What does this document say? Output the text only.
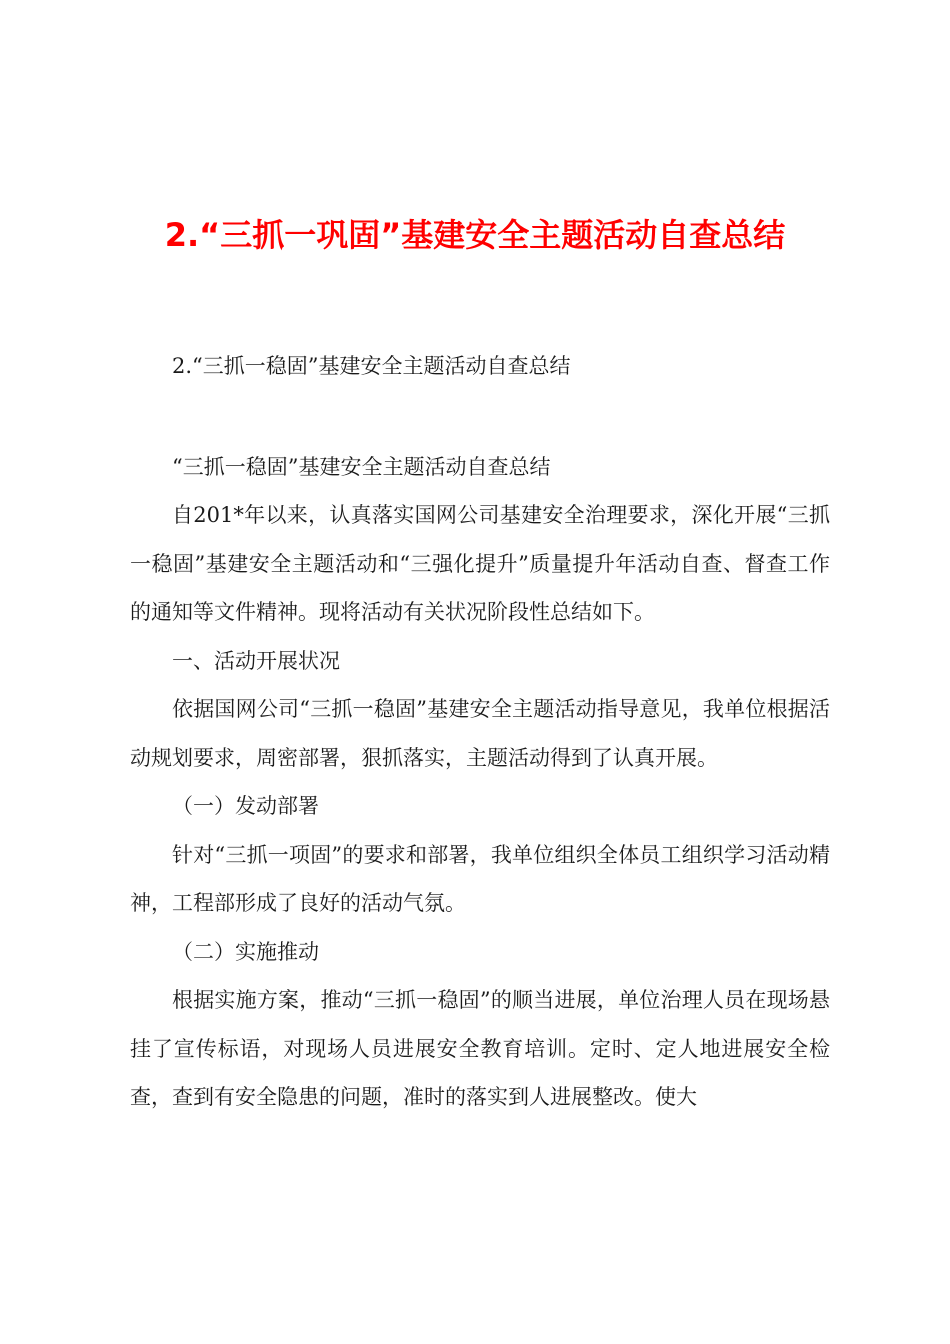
2.“三抓一巩固”基建安全主题活动自查总结

2.“三抓一稳固”基建安全主题活动自查总结

“三抓一稳固”基建安全主题活动自查总结

自201*年以来，认真落实国网公司基建安全治理要求，深化开展“三抓一稳固”基建安全主题活动和“三强化提升”质量提升年活动自查、督查工作的通知等文件精神。现将活动有关状况阶段性总结如下。

一、活动开展状况

依据国网公司“三抓一稳固”基建安全主题活动指导意见，我单位根据活动规划要求，周密部署，狠抓落实，主题活动得到了认真开展。

（一）发动部署

针对“三抓一项固”的要求和部署，我单位组织全体员工组织学习活动精神，工程部形成了良好的活动气氛。

（二）实施推动

根据实施方案，推动“三抓一稳固”的顺当进展，单位治理人员在现场悬挂了宣传标语，对现场人员进展安全教育培训。定时、定人地进展安全检查，查到有安全隐患的问题，准时的落实到人进展整改。使大
